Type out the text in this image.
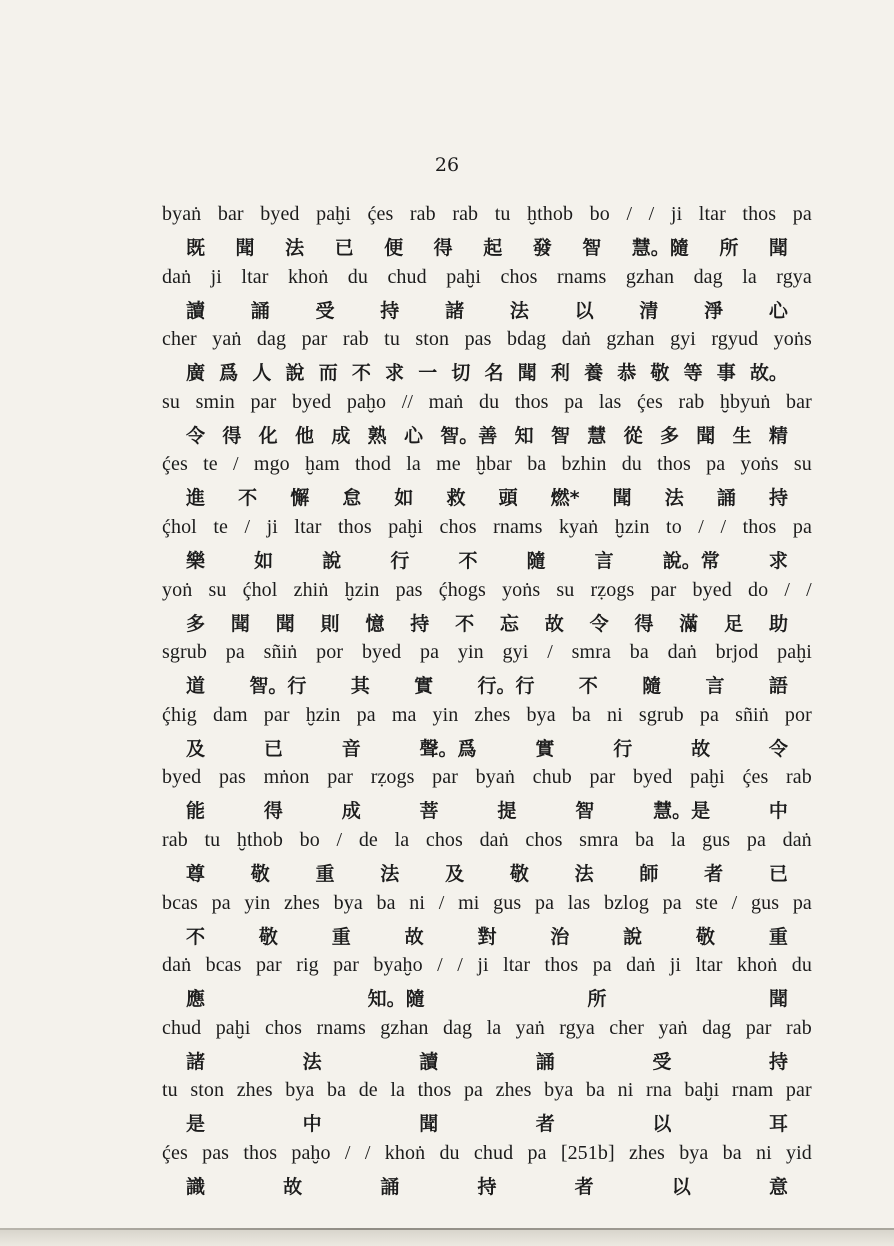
26
byaṅ bar byed paḫi ḉes rab rab tu ḫthob bo / / ji ltar thos pa
既 聞 法 已 便 得 起 發 智 慧。隨 所 聞
daṅ ji ltar khoṅ du chud paḫi chos rnams gzhan dag la rgya
讀 誦 受 持 諸 法 以 清 淨 心
cher yaṅ dag par rab tu ston pas bdag daṅ gzhan gyi rgyud yoṅs
廣 爲 人 說 而 不 求 一 切 名 聞 利 養 恭 敬 等 事 故。
su smin par byed paḫo // maṅ du thos pa las ḉes rab ḫbyuṅ bar
令 得 化 他 成 熟 心 智。善 知 智 慧 從 多 聞 生 精
ḉes te / mgo ḫam thod la me ḫbar ba bzhin du thos pa yoṅs su
進 不 懈 怠 如 救 頭 燃* 聞 法 誦 持
ḉhol te / ji ltar thos paḫi chos rnams kyaṅ ḫzin to / / thos pa
樂	如	說	行	不	隨	言	說。常	求
yoṅ su ḉhol zhiṅ ḫzin pas ḉhogs yoṅs su rẓogs par byed do / /
多 聞 聞 則 憶 持 不 忘 故 令 得 滿 足 助
sgrub pa sñiṅ por byed pa yin gyi / smra ba daṅ brjod paḫi
道 智。行 其 實 行。行 不 隨 言 語
ḉhig dam par ḫzin pa ma yin zhes bya ba ni sgrub pa sñiṅ por
及	已	音	聲。爲	實	行	故	令
byed pas mṅon par rẓogs par byaṅ chub par byed paḫi ḉes rab
能	得	成	菩	提	智	慧。是	中
rab tu ḫthob bo / de la chos daṅ chos smra ba la gus pa daṅ
尊 敬 重 法 及 敬 法 師 者 已
bcas pa yin zhes bya ba ni / mi gus pa las bzlog pa ste / gus pa
不	敬	重	故	對	治	說	敬	重
daṅ bcas par rig par byaḫo / / ji ltar thos pa daṅ ji ltar khoṅ du
應	知。隨	所	聞
chud paḫi chos rnams gzhan dag la yaṅ rgya cher yaṅ dag par rab
諸	法	讀	誦	受	持
tu ston zhes bya ba de la thos pa zhes bya ba ni rna baḫi rnam par
是	中	聞	者	以	耳
ḉes pas thos paḫo / / khoṅ du chud pa [251b] zhes bya ba ni yid
識	故	誦	持	者	以	意
